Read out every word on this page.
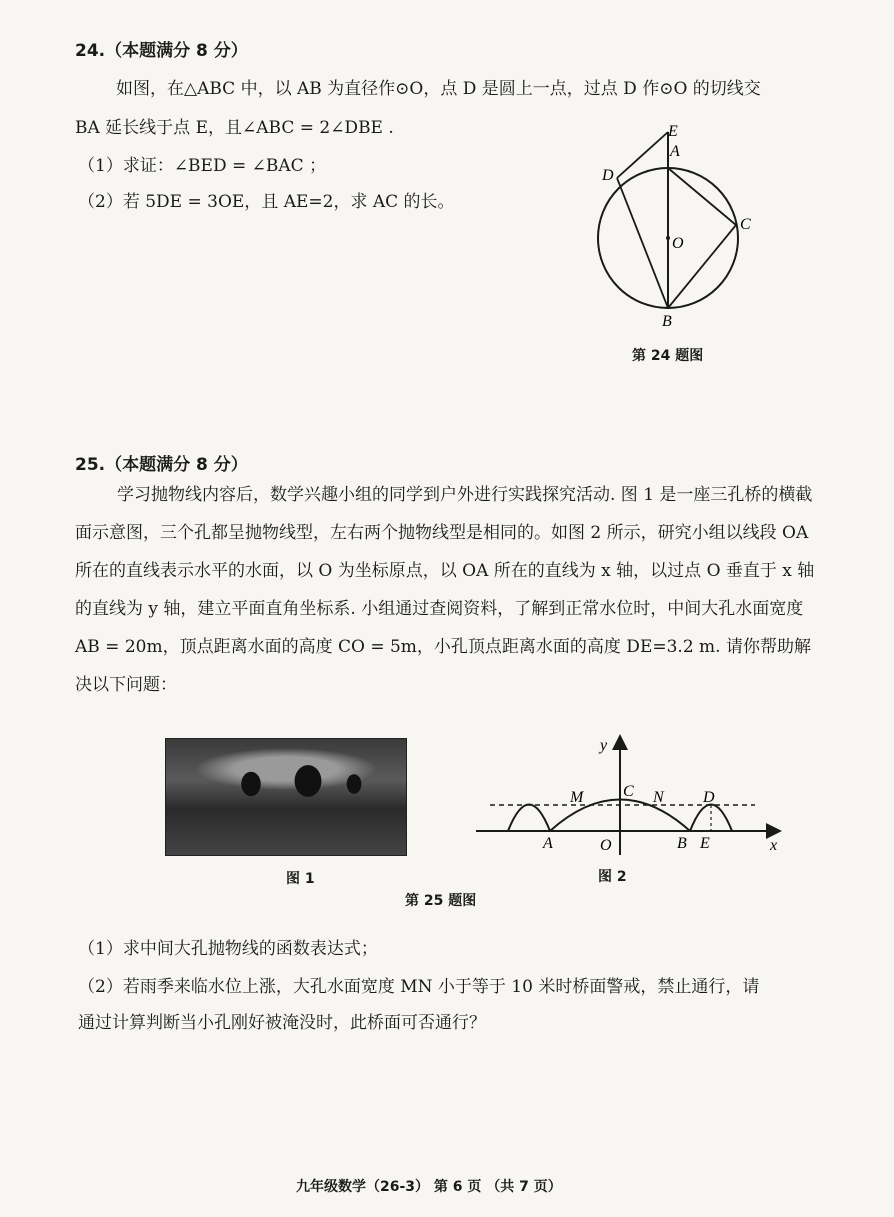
24.（本题满分 8 分）
如图，在△ABC 中，以 AB 为直径作⊙O，点 D 是圆上一点，过点 D 作⊙O 的切线交
BA 延长线于点 E，且∠ABC = 2∠DBE .
（1）求证：∠BED = ∠BAC ；
（2）若 5DE = 3OE，且 AE=2，求 AC 的长。
E
A
D
C
O
B
第 24 题图
25.（本题满分 8 分）
学习抛物线内容后，数学兴趣小组的同学到户外进行实践探究活动. 图 1 是一座三孔桥的横截面示意图，三个孔都呈抛物线型，左右两个抛物线型是相同的。如图 2 所示，研究小组以线段 OA 所在的直线表示水平的水面，以 O 为坐标原点，以 OA 所在的直线为 x 轴，以过点 O 垂直于 x 轴的直线为 y 轴，建立平面直角坐标系. 小组通过查阅资料，了解到正常水位时，中间大孔水面宽度 AB = 20m，顶点距离水面的高度 CO = 5m，小孔顶点距离水面的高度 DE=3.2 m. 请你帮助解决以下问题：
图 1
y
x
M C N D
A	O	B E
图 2
第 25 题图
（1）求中间大孔抛物线的函数表达式；
（2）若雨季来临水位上涨，大孔水面宽度 MN 小于等于 10 米时桥面警戒，禁止通行，请
通过计算判断当小孔刚好被淹没时，此桥面可否通行？
九年级数学（26-3） 第 6 页 （共 7 页）
